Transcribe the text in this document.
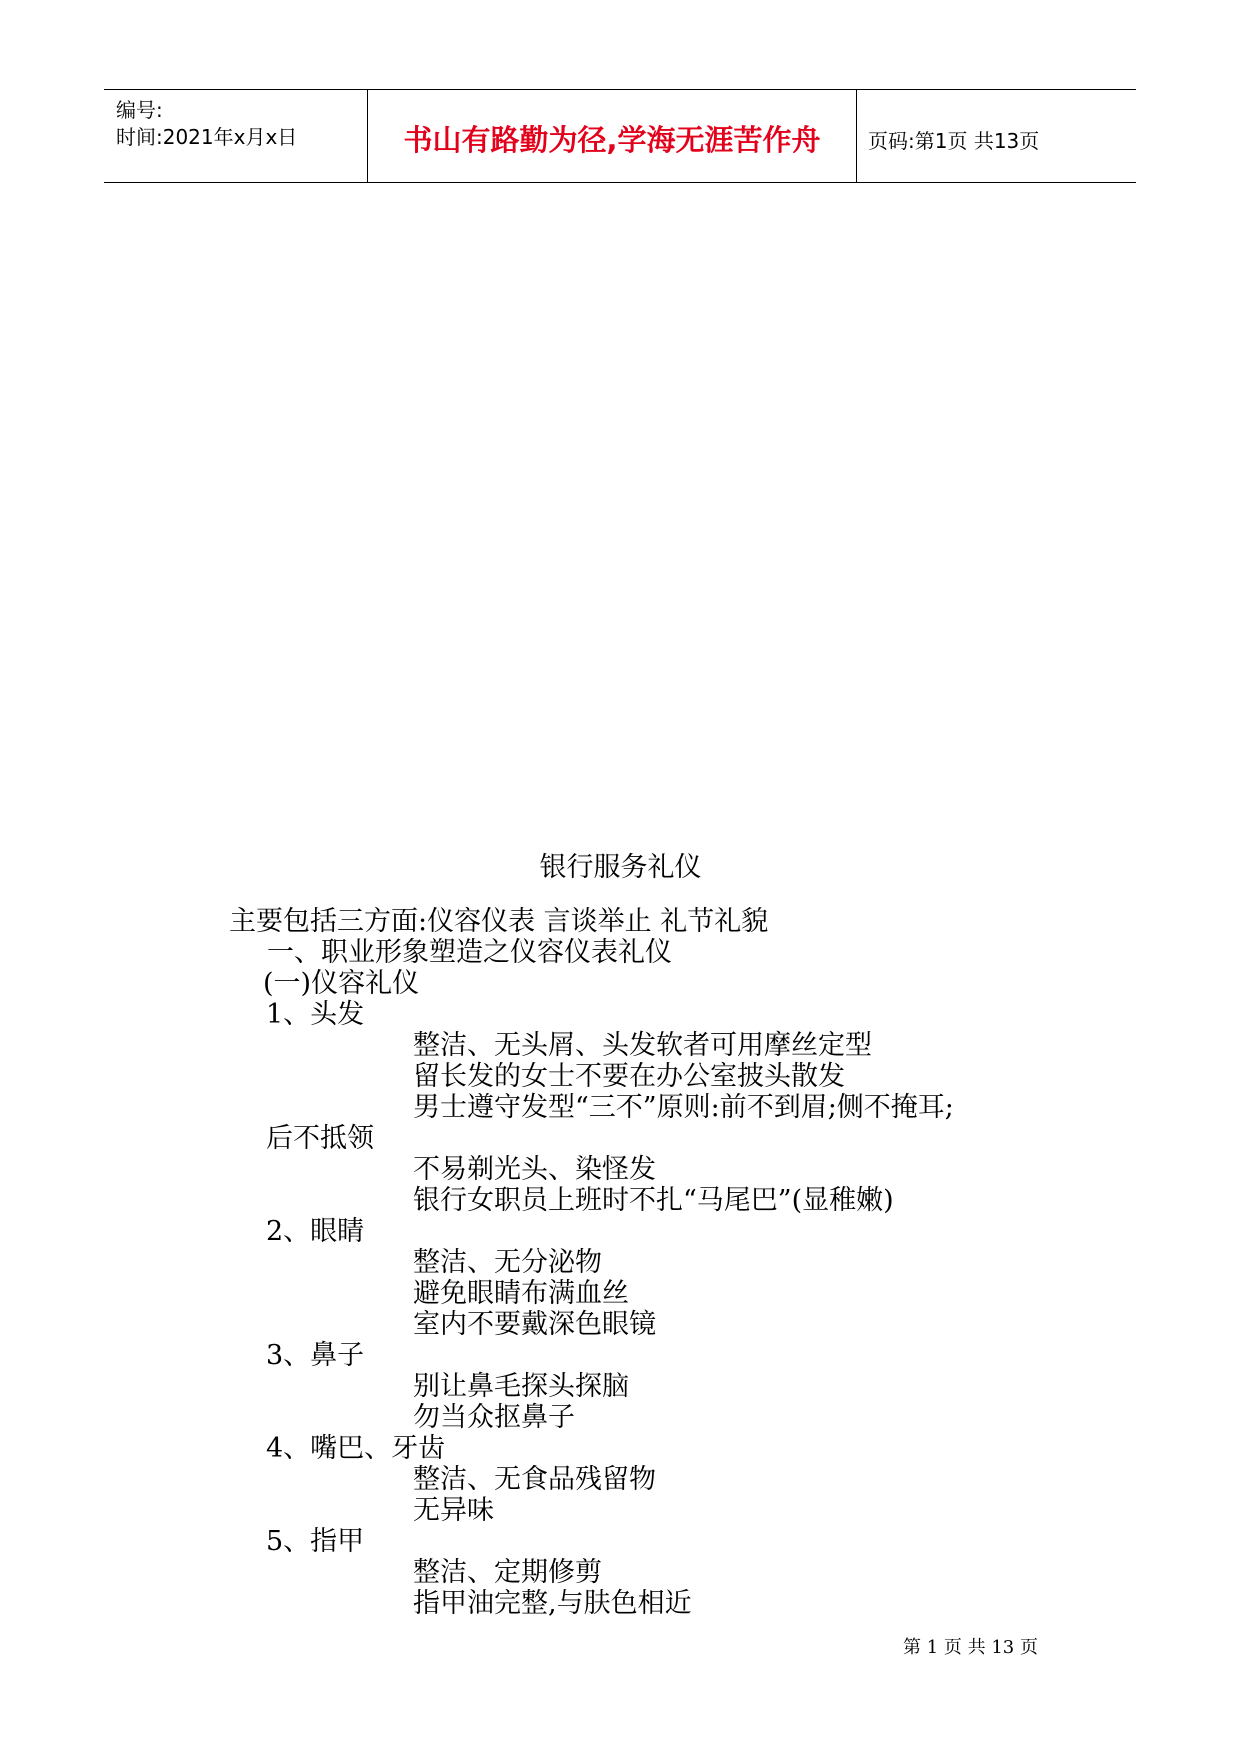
编号:
时间:2021年x月x日	书山有路勤为径,学海无涯苦作舟	页码:第1页 共13页
银行服务礼仪
主要包括三方面:仪容仪表 言谈举止 礼节礼貌
一、职业形象塑造之仪容仪表礼仪
(一)仪容礼仪
1、头发
整洁、无头屑、头发软者可用摩丝定型
留长发的女士不要在办公室披头散发
男士遵守发型“三不”原则:前不到眉;侧不掩耳;
后不抵领
不易剃光头、染怪发
银行女职员上班时不扎“马尾巴”(显稚嫩)
2、眼睛
整洁、无分泌物
避免眼睛布满血丝
室内不要戴深色眼镜
3、鼻子
别让鼻毛探头探脑
勿当众抠鼻子
4、嘴巴、牙齿
整洁、无食品残留物
无异味
5、指甲
整洁、定期修剪
指甲油完整,与肤色相近
第 1 页 共 13 页
